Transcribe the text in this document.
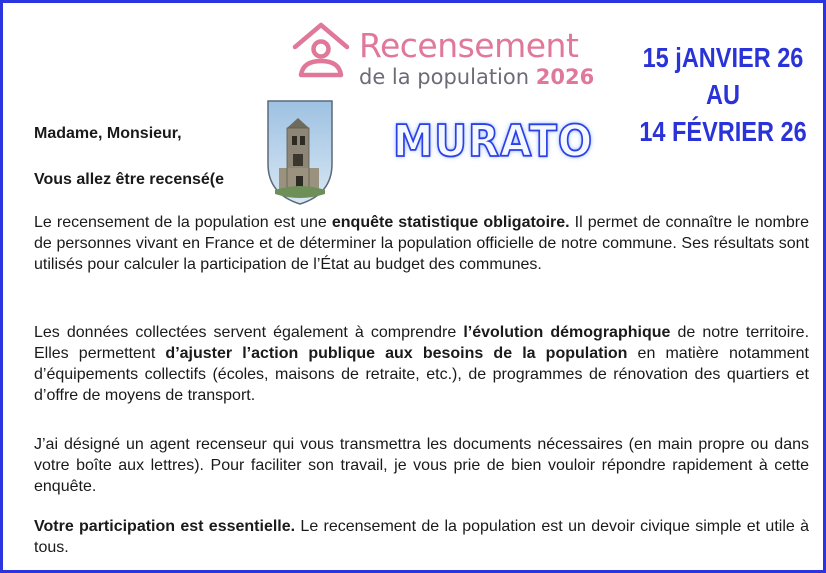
Recensement
de la population 2026
15 jANVIER 26
AU
14 FÉVRIER 26
MURATO
Madame, Monsieur,
Vous allez être recensé(e

Le recensement de la population est une enquête statistique obligatoire. Il permet de connaître le nombre de personnes vivant en France et de déterminer la population officielle de notre commune. Ses résultats sont utilisés pour calculer la participation de l’État au budget des communes.

Les données collectées servent également à comprendre l’évolution démographique de notre territoire. Elles permettent d’ajuster l’action publique aux besoins de la population en matière notamment d’équipements collectifs (écoles, maisons de retraite, etc.), de programmes de rénovation des quartiers et d’offre de moyens de transport.

J’ai désigné un agent recenseur qui vous transmettra les documents nécessaires (en main propre ou dans votre boîte aux lettres). Pour faciliter son travail, je vous prie de bien vouloir répondre rapidement à cette enquête.

Votre participation est essentielle. Le recensement de la population est un devoir civique simple et utile à tous.
